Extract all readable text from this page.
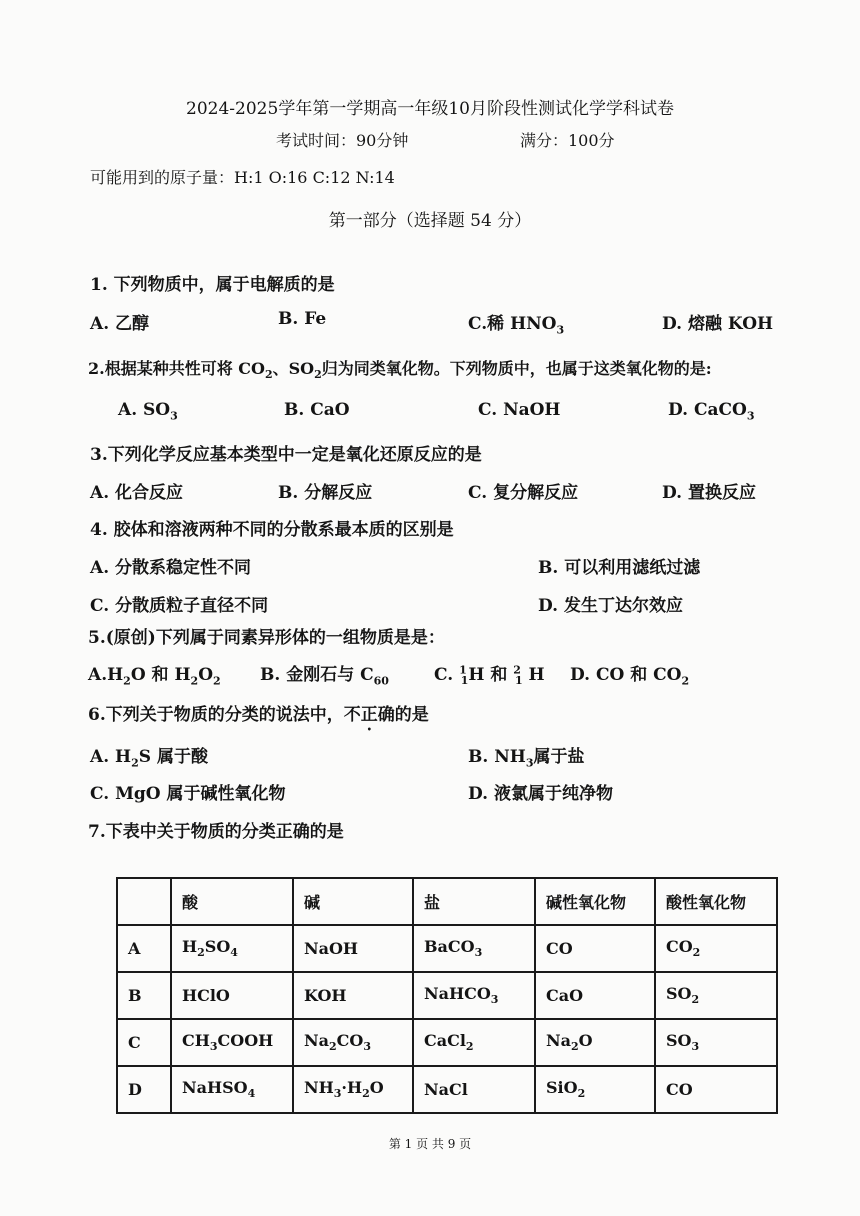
2024-2025学年第一学期高一年级10月阶段性测试化学学科试卷
考试时间：90分钟	满分：100分
可能用到的原子量：H:1 O:16 C:12 N:14
第一部分（选择题 54 分）
1. 下列物质中，属于电解质的是
A. 乙醇	B. Fe	C.稀 $HNO_3$	D. 熔融 KOH
2.根据某种共性可将 $CO_2$、$SO_2$归为同类氧化物。下列物质中，也属于这类氧化物的是:
A. $SO_3$	B. CaO	C. NaOH	D. CaCO$_3$
3.下列化学反应基本类型中一定是氧化还原反应的是
A. 化合反应	B. 分解反应	C. 复分解反应	D. 置换反应
4. 胶体和溶液两种不同的分散系最本质的区别是
A. 分散系稳定性不同	B. 可以利用滤纸过滤
C. 分散质粒子直径不同	D. 发生丁达尔效应
5.(原创)下列属于同素异形体的一组物质是是：
$A.H_2O$ 和 $H_2O_2$ B. 金刚石与 $C_{60}$	C. $^1_1$H 和 $^2_1$ H D. CO 和 $CO_2$
6.下列关于物质的分类的说法中，不正确的是
A. $H_2S$ 属于酸	B. $NH_3$属于盐
C. MgO 属于碱性氧化物	D. 液氯属于纯净物
7.下表中关于物质的分类正确的是
	酸	碱	盐	碱性氧化物	酸性氧化物
A	$H_2SO_4$	NaOH	BaCO$_3$	CO	$CO_2$
B	HClO	KOH	NaHCO$_3$	CaO	$SO_2$
C	$CH_3COOH$	$Na_2CO_3$	CaCl$_2$	$Na_2O$	$SO_3$
D	NaHSO$_4$	$NH_3\cdot H_2O$	NaCl	SiO$_2$	CO
第 1 页 共 9 页
